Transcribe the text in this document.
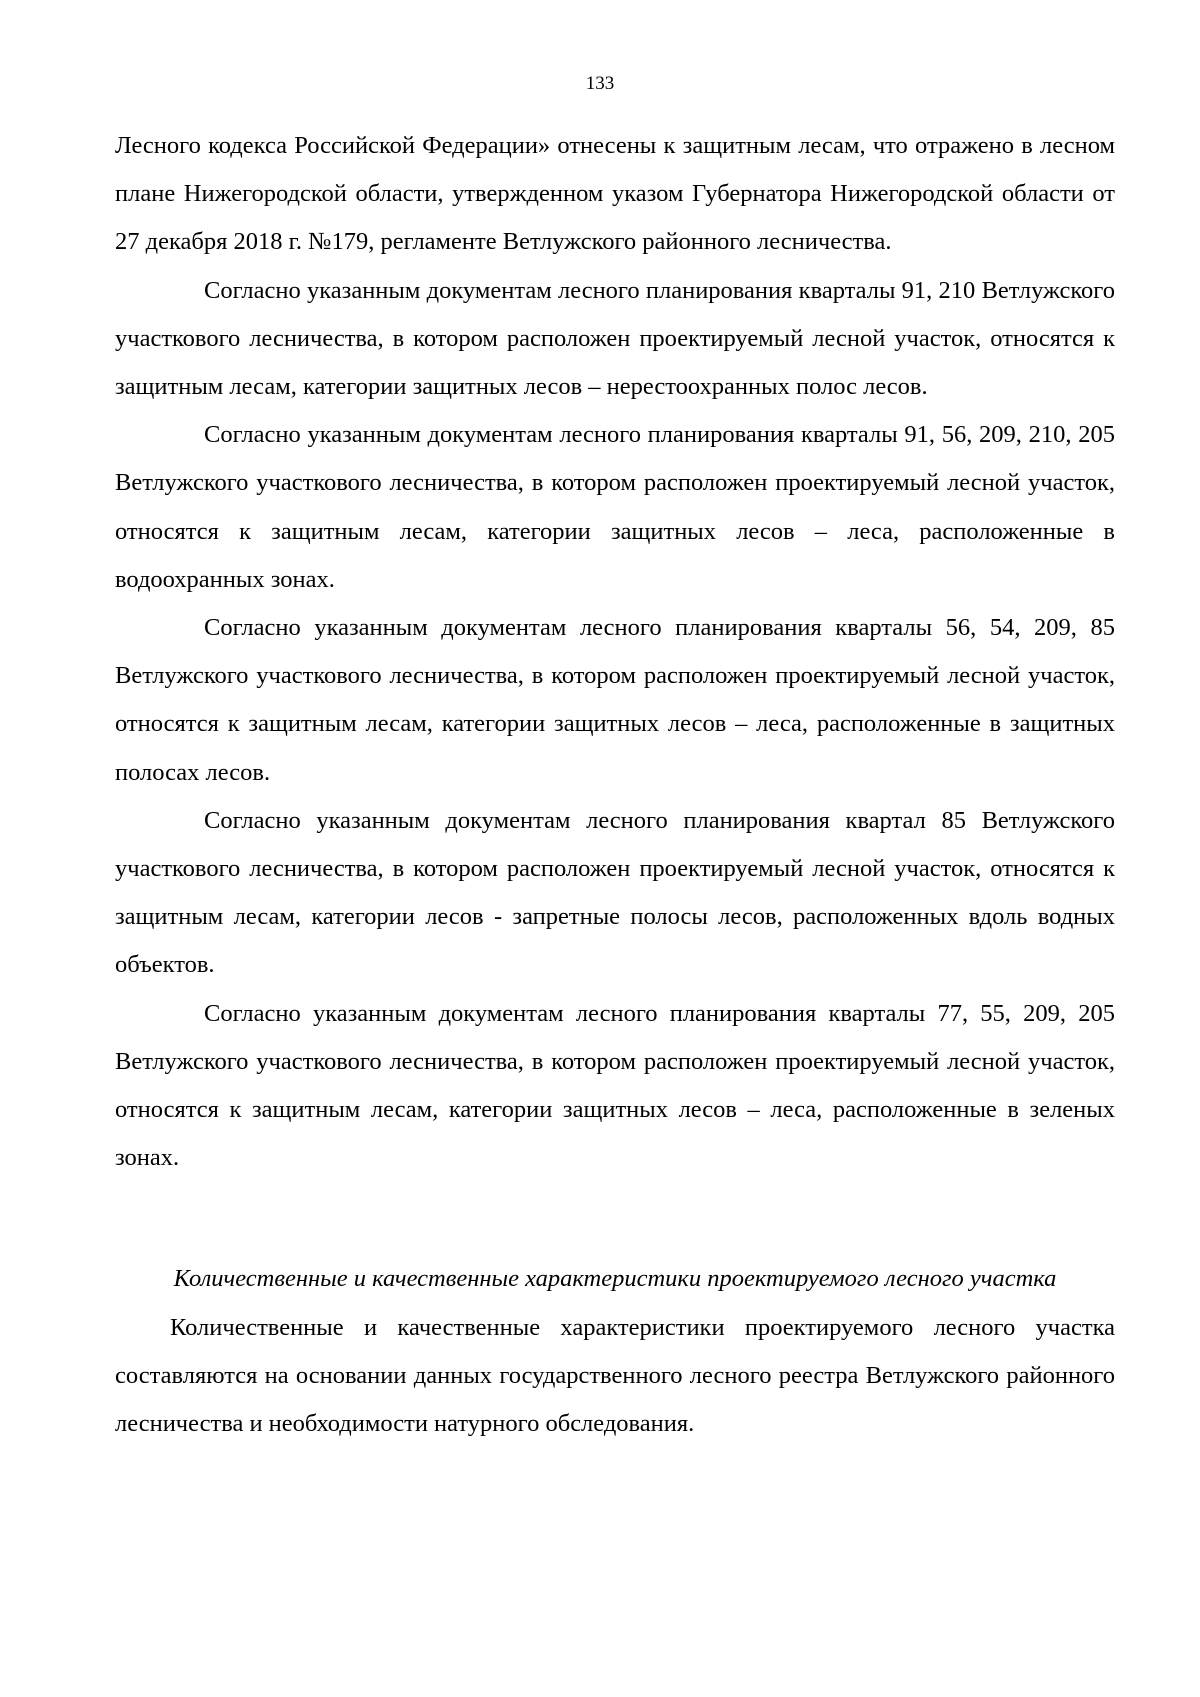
133

Лесного кодекса Российской Федерации» отнесены к защитным лесам, что отражено в лесном плане Нижегородской области, утвержденном указом Губернатора Нижегородской области от 27 декабря 2018 г. №179, регламенте Ветлужского районного лесничества.

Согласно указанным документам лесного планирования кварталы 91, 210 Ветлужского участкового лесничества, в котором расположен проектируемый лесной участок, относятся к защитным лесам, категории защитных лесов – нерестоохранных полос лесов.

Согласно указанным документам лесного планирования кварталы 91, 56, 209, 210, 205 Ветлужского участкового лесничества, в котором расположен проектируемый лесной участок, относятся к защитным лесам, категории защитных лесов – леса, расположенные в водоохранных зонах.

Согласно указанным документам лесного планирования кварталы 56, 54, 209, 85 Ветлужского участкового лесничества, в котором расположен проектируемый лесной участок, относятся к защитным лесам, категории защитных лесов – леса, расположенные в защитных полосах лесов.

Согласно указанным документам лесного планирования квартал 85 Ветлужского участкового лесничества, в котором расположен проектируемый лесной участок, относятся к защитным лесам, категории лесов - запретные полосы лесов, расположенных вдоль водных объектов.

Согласно указанным документам лесного планирования кварталы 77, 55, 209, 205 Ветлужского участкового лесничества, в котором расположен проектируемый лесной участок, относятся к защитным лесам, категории защитных лесов – леса, расположенные в зеленых зонах.

Количественные и качественные характеристики проектируемого лесного участка

Количественные и качественные характеристики проектируемого лесного участка составляются на основании данных государственного лесного реестра Ветлужского районного лесничества и необходимости натурного обследования.
